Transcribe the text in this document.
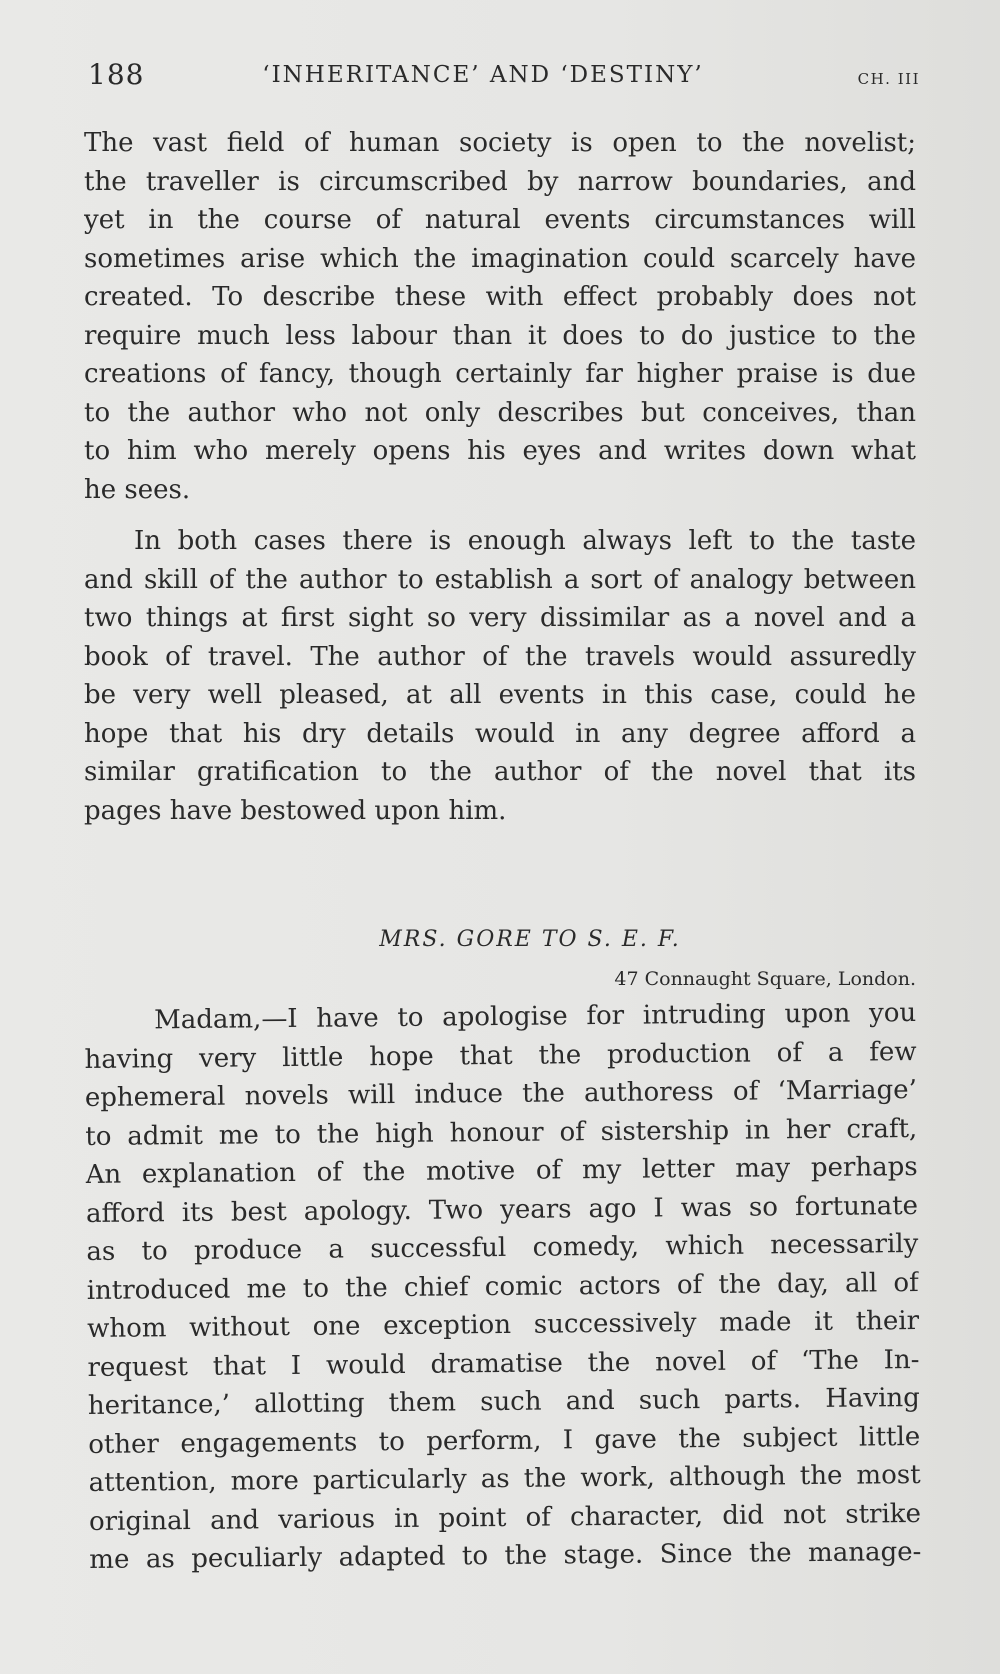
188	‘INHERITANCE’ AND ‘DESTINY’	CH. III
The vast field of human society is open to the novelist;
the traveller is circumscribed by narrow boundaries, and
yet in the course of natural events circumstances will
sometimes arise which the imagination could scarcely have
created. To describe these with effect probably does not
require much less labour than it does to do justice to the
creations of fancy, though certainly far higher praise is due
to the author who not only describes but conceives, than
to him who merely opens his eyes and writes down what
he sees.
In both cases there is enough always left to the taste
and skill of the author to establish a sort of analogy between
two things at first sight so very dissimilar as a novel and a
book of travel. The author of the travels would assuredly
be very well pleased, at all events in this case, could he
hope that his dry details would in any degree afford a
similar gratification to the author of the novel that its
pages have bestowed upon him.
MRS. GORE TO S. E. F.
47 Connaught Square, London.
Madam,—I have to apologise for intruding upon you
having very little hope that the production of a few
ephemeral novels will induce the authoress of ‘Marriage’
to admit me to the high honour of sistership in her craft,
An explanation of the motive of my letter may perhaps
afford its best apology. Two years ago I was so fortunate
as to produce a successful comedy, which necessarily
introduced me to the chief comic actors of the day, all of
whom without one exception successively made it their
request that I would dramatise the novel of ‘The In-
heritance,’ allotting them such and such parts. Having
other engagements to perform, I gave the subject little
attention, more particularly as the work, although the most
original and various in point of character, did not strike
me as peculiarly adapted to the stage. Since the manage-
